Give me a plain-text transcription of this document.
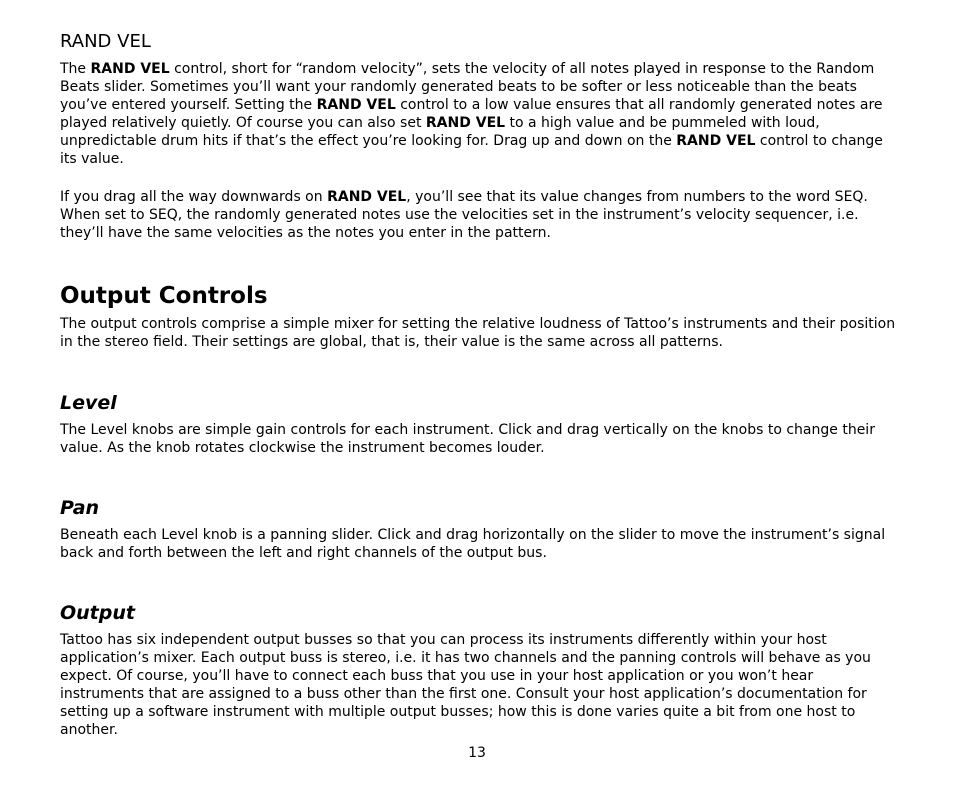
RAND VEL

The RAND VEL control, short for “random velocity”, sets the velocity of all notes played in response to the Random Beats slider. Sometimes you’ll want your randomly generated beats to be softer or less noticeable than the beats you’ve entered yourself. Setting the RAND VEL control to a low value ensures that all randomly generated notes are played relatively quietly. Of course you can also set RAND VEL to a high value and be pummeled with loud, unpredictable drum hits if that’s the effect you’re looking for. Drag up and down on the RAND VEL control to change its value.

If you drag all the way downwards on RAND VEL, you’ll see that its value changes from numbers to the word SEQ. When set to SEQ, the randomly generated notes use the velocities set in the instrument’s velocity sequencer, i.e. they’ll have the same velocities as the notes you enter in the pattern.

Output Controls

The output controls comprise a simple mixer for setting the relative loudness of Tattoo’s instruments and their position in the stereo field. Their settings are global, that is, their value is the same across all patterns.

Level

The Level knobs are simple gain controls for each instrument. Click and drag vertically on the knobs to change their value. As the knob rotates clockwise the instrument becomes louder.

Pan

Beneath each Level knob is a panning slider. Click and drag horizontally on the slider to move the instrument’s signal back and forth between the left and right channels of the output bus.

Output

Tattoo has six independent output busses so that you can process its instruments differently within your host application’s mixer. Each output buss is stereo, i.e. it has two channels and the panning controls will behave as you expect. Of course, you’ll have to connect each buss that you use in your host application or you won’t hear instruments that are assigned to a buss other than the first one. Consult your host application’s documentation for setting up a software instrument with multiple output busses; how this is done varies quite a bit from one host to another.

13
